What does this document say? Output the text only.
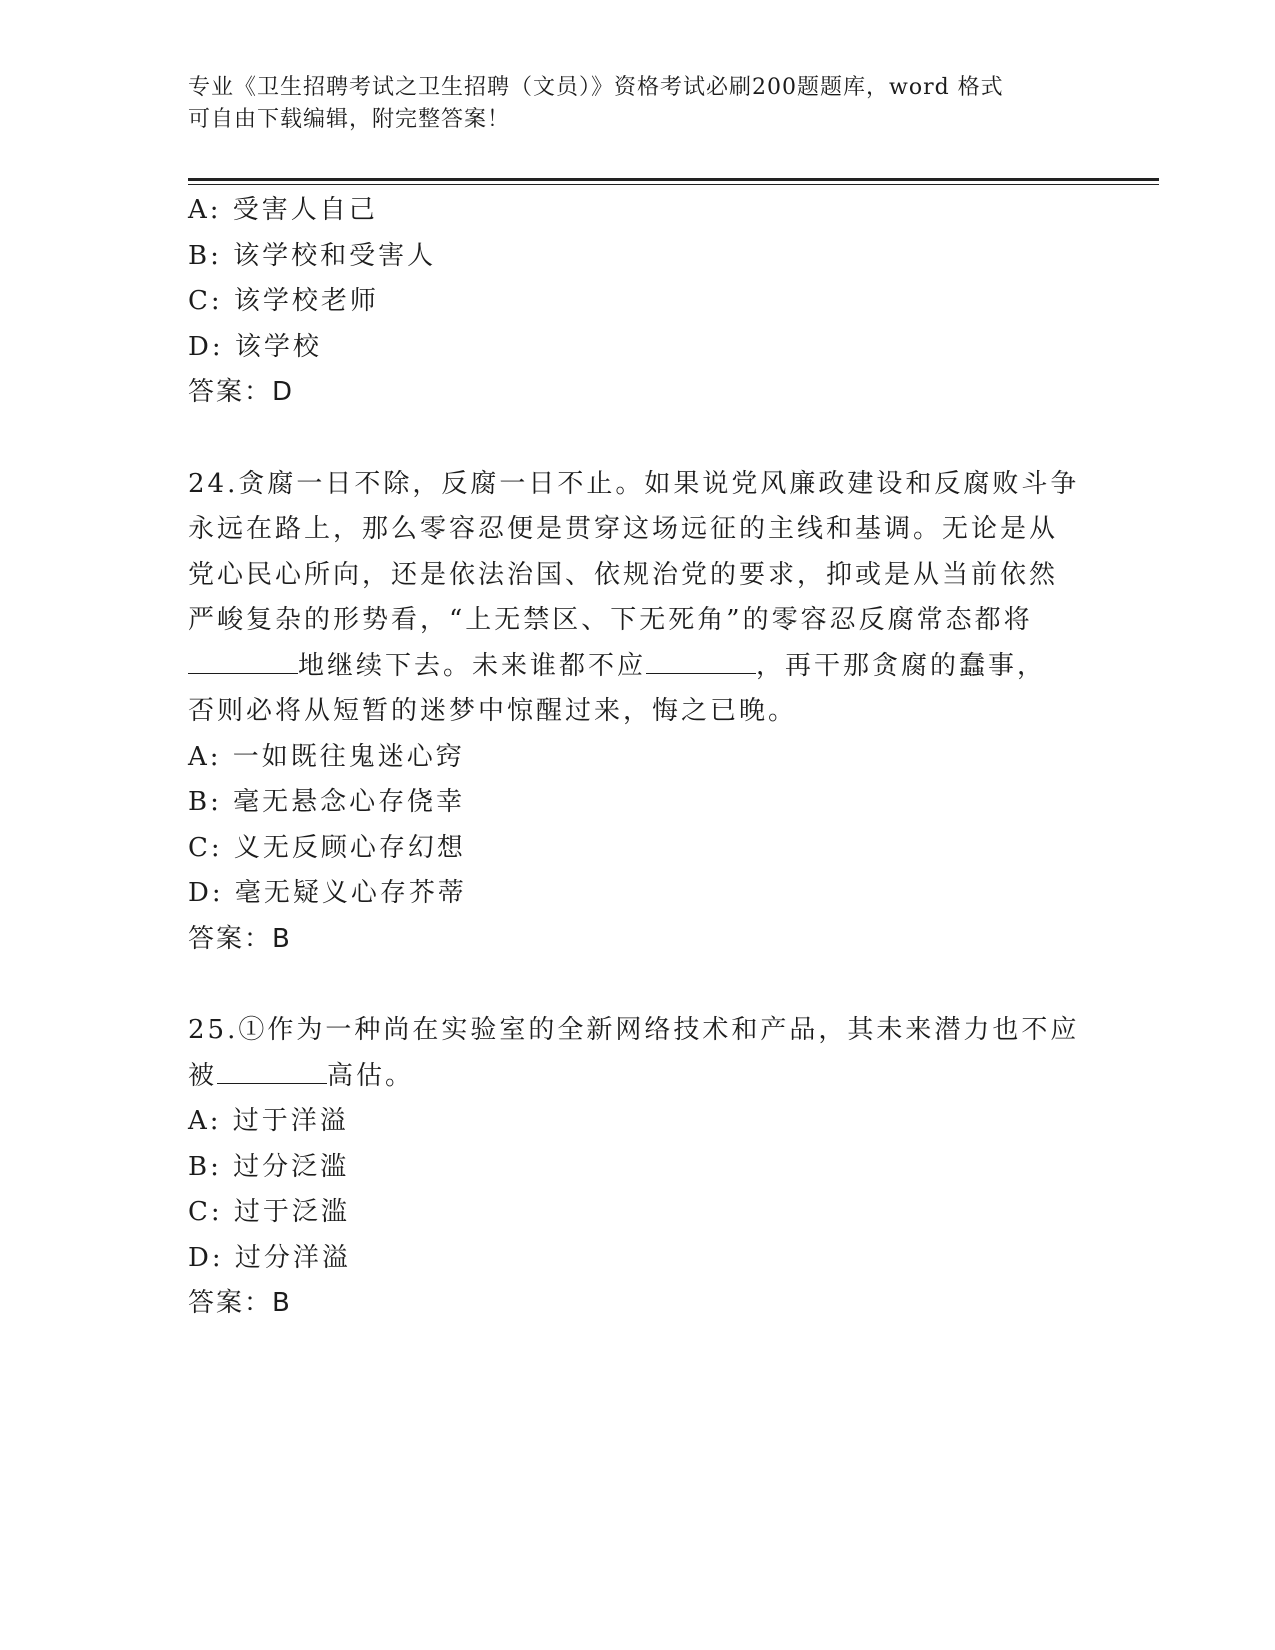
专业《卫生招聘考试之卫生招聘（文员）》资格考试必刷200题题库，word 格式
可自由下载编辑，附完整答案！
A: 受害人自己
B: 该学校和受害人
C: 该学校老师
D: 该学校
答案：D
24.贪腐一日不除，反腐一日不止。如果说党风廉政建设和反腐败斗争
永远在路上，那么零容忍便是贯穿这场远征的主线和基调。无论是从
党心民心所向，还是依法治国、依规治党的要求，抑或是从当前依然
严峻复杂的形势看，“上无禁区、下无死角”的零容忍反腐常态都将
地继续下去。未来谁都不应	，再干那贪腐的蠢事，
否则必将从短暂的迷梦中惊醒过来，悔之已晚。
A: 一如既往鬼迷心窍
B: 毫无悬念心存侥幸
C: 义无反顾心存幻想
D: 毫无疑义心存芥蒂
答案：B
25.①作为一种尚在实验室的全新网络技术和产品，其未来潜力也不应
被	高估。
A: 过于洋溢
B: 过分泛滥
C: 过于泛滥
D: 过分洋溢
答案：B
